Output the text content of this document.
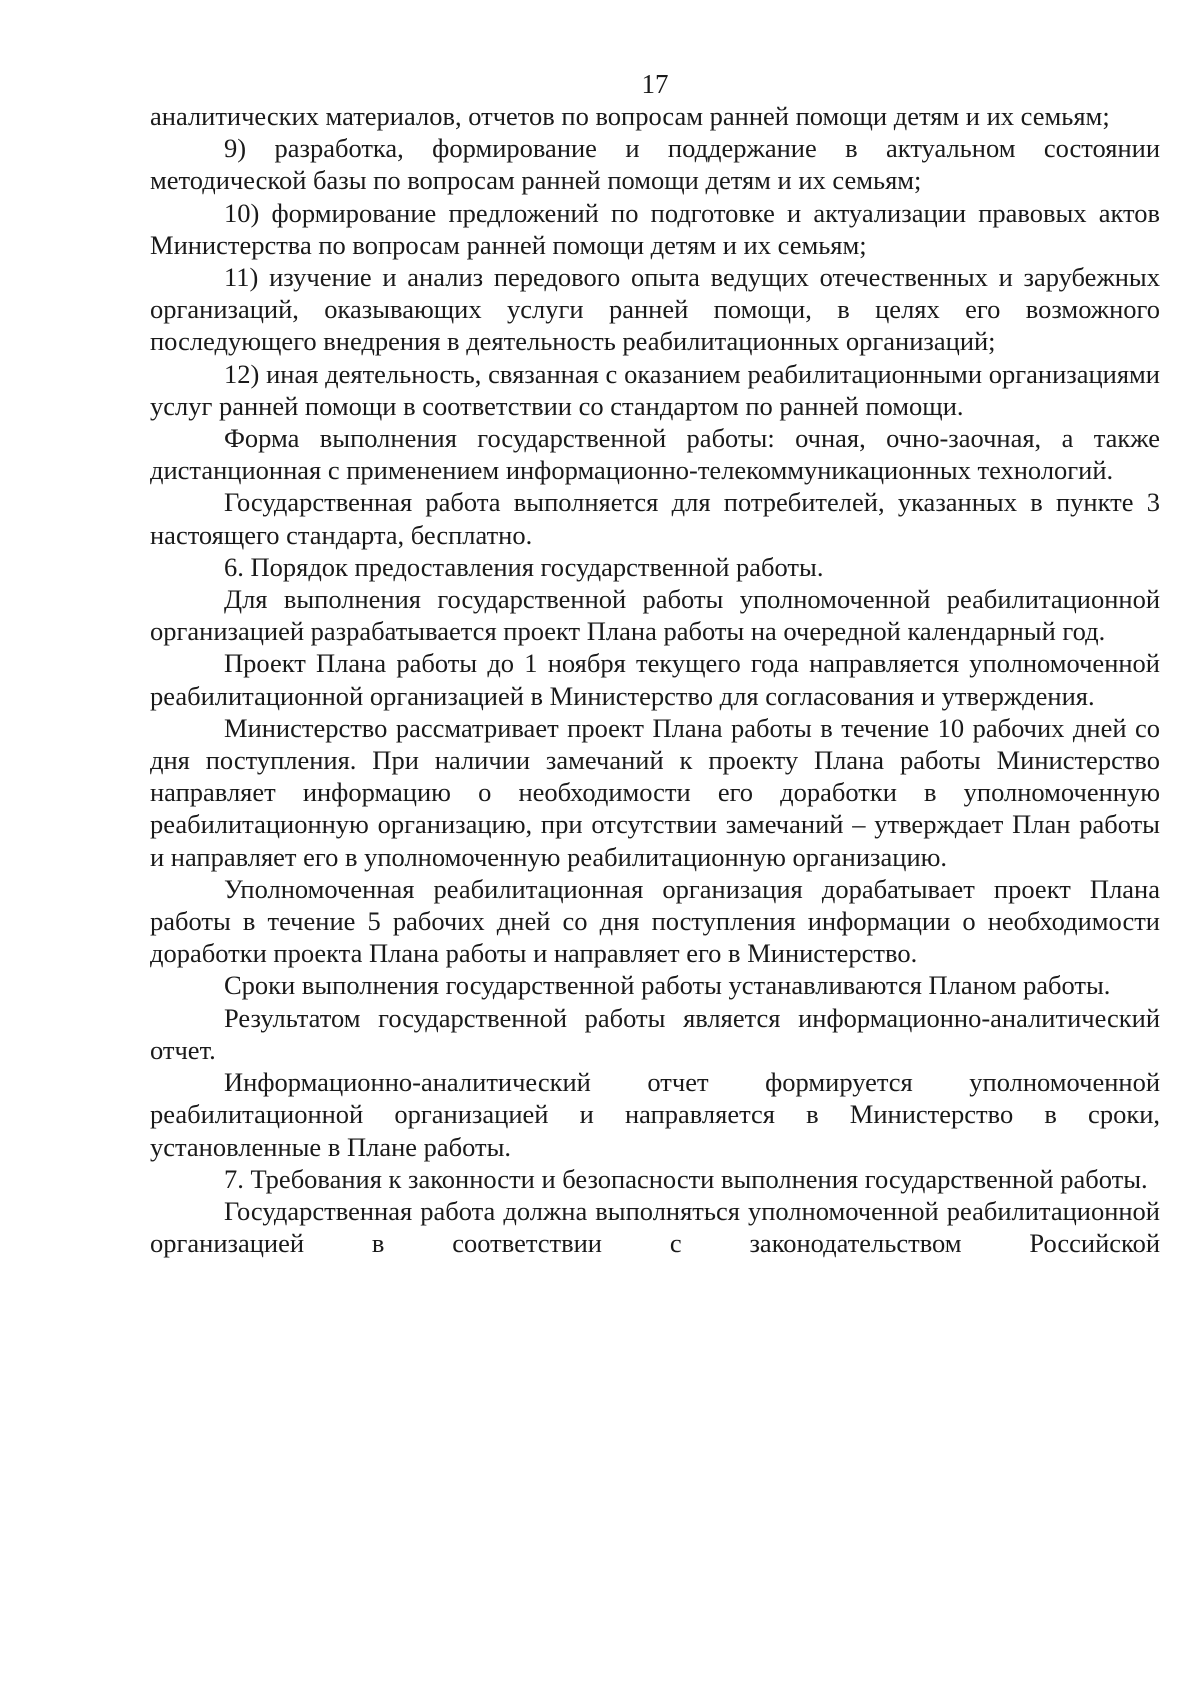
17

аналитических материалов, отчетов по вопросам ранней помощи детям и их семьям;

9) разработка, формирование и поддержание в актуальном состоянии методической базы по вопросам ранней помощи детям и их семьям;

10) формирование предложений по подготовке и актуализации правовых актов Министерства по вопросам ранней помощи детям и их семьям;

11) изучение и анализ передового опыта ведущих отечественных и зарубежных организаций, оказывающих услуги ранней помощи, в целях его возможного последующего внедрения в деятельность реабилитационных организаций;

12) иная деятельность, связанная с оказанием реабилитационными организациями услуг ранней помощи в соответствии со стандартом по ранней помощи.

Форма выполнения государственной работы: очная, очно-заочная, а также дистанционная с применением информационно-телекоммуникационных технологий.

Государственная работа выполняется для потребителей, указанных в пункте 3 настоящего стандарта, бесплатно.

6. Порядок предоставления государственной работы.

Для выполнения государственной работы уполномоченной реабилитационной организацией разрабатывается проект Плана работы на очередной календарный год.

Проект Плана работы до 1 ноября текущего года направляется уполномоченной реабилитационной организацией в Министерство для согласования и утверждения.

Министерство рассматривает проект Плана работы в течение 10 рабочих дней со дня поступления. При наличии замечаний к проекту Плана работы Министерство направляет информацию о необходимости его доработки в уполномоченную реабилитационную организацию, при отсутствии замечаний – утверждает План работы и направляет его в уполномоченную реабилитационную организацию.

Уполномоченная реабилитационная организация дорабатывает проект Плана работы в течение 5 рабочих дней со дня поступления информации о необходимости доработки проекта Плана работы и направляет его в Министерство.

Сроки выполнения государственной работы устанавливаются Планом работы.

Результатом государственной работы является информационно-аналитический отчет.

Информационно-аналитический отчет формируется уполномоченной реабилитационной организацией и направляется в Министерство в сроки, установленные в Плане работы.

7. Требования к законности и безопасности выполнения государственной работы.

Государственная работа должна выполняться уполномоченной реабилитационной организацией в соответствии с законодательством Российской
